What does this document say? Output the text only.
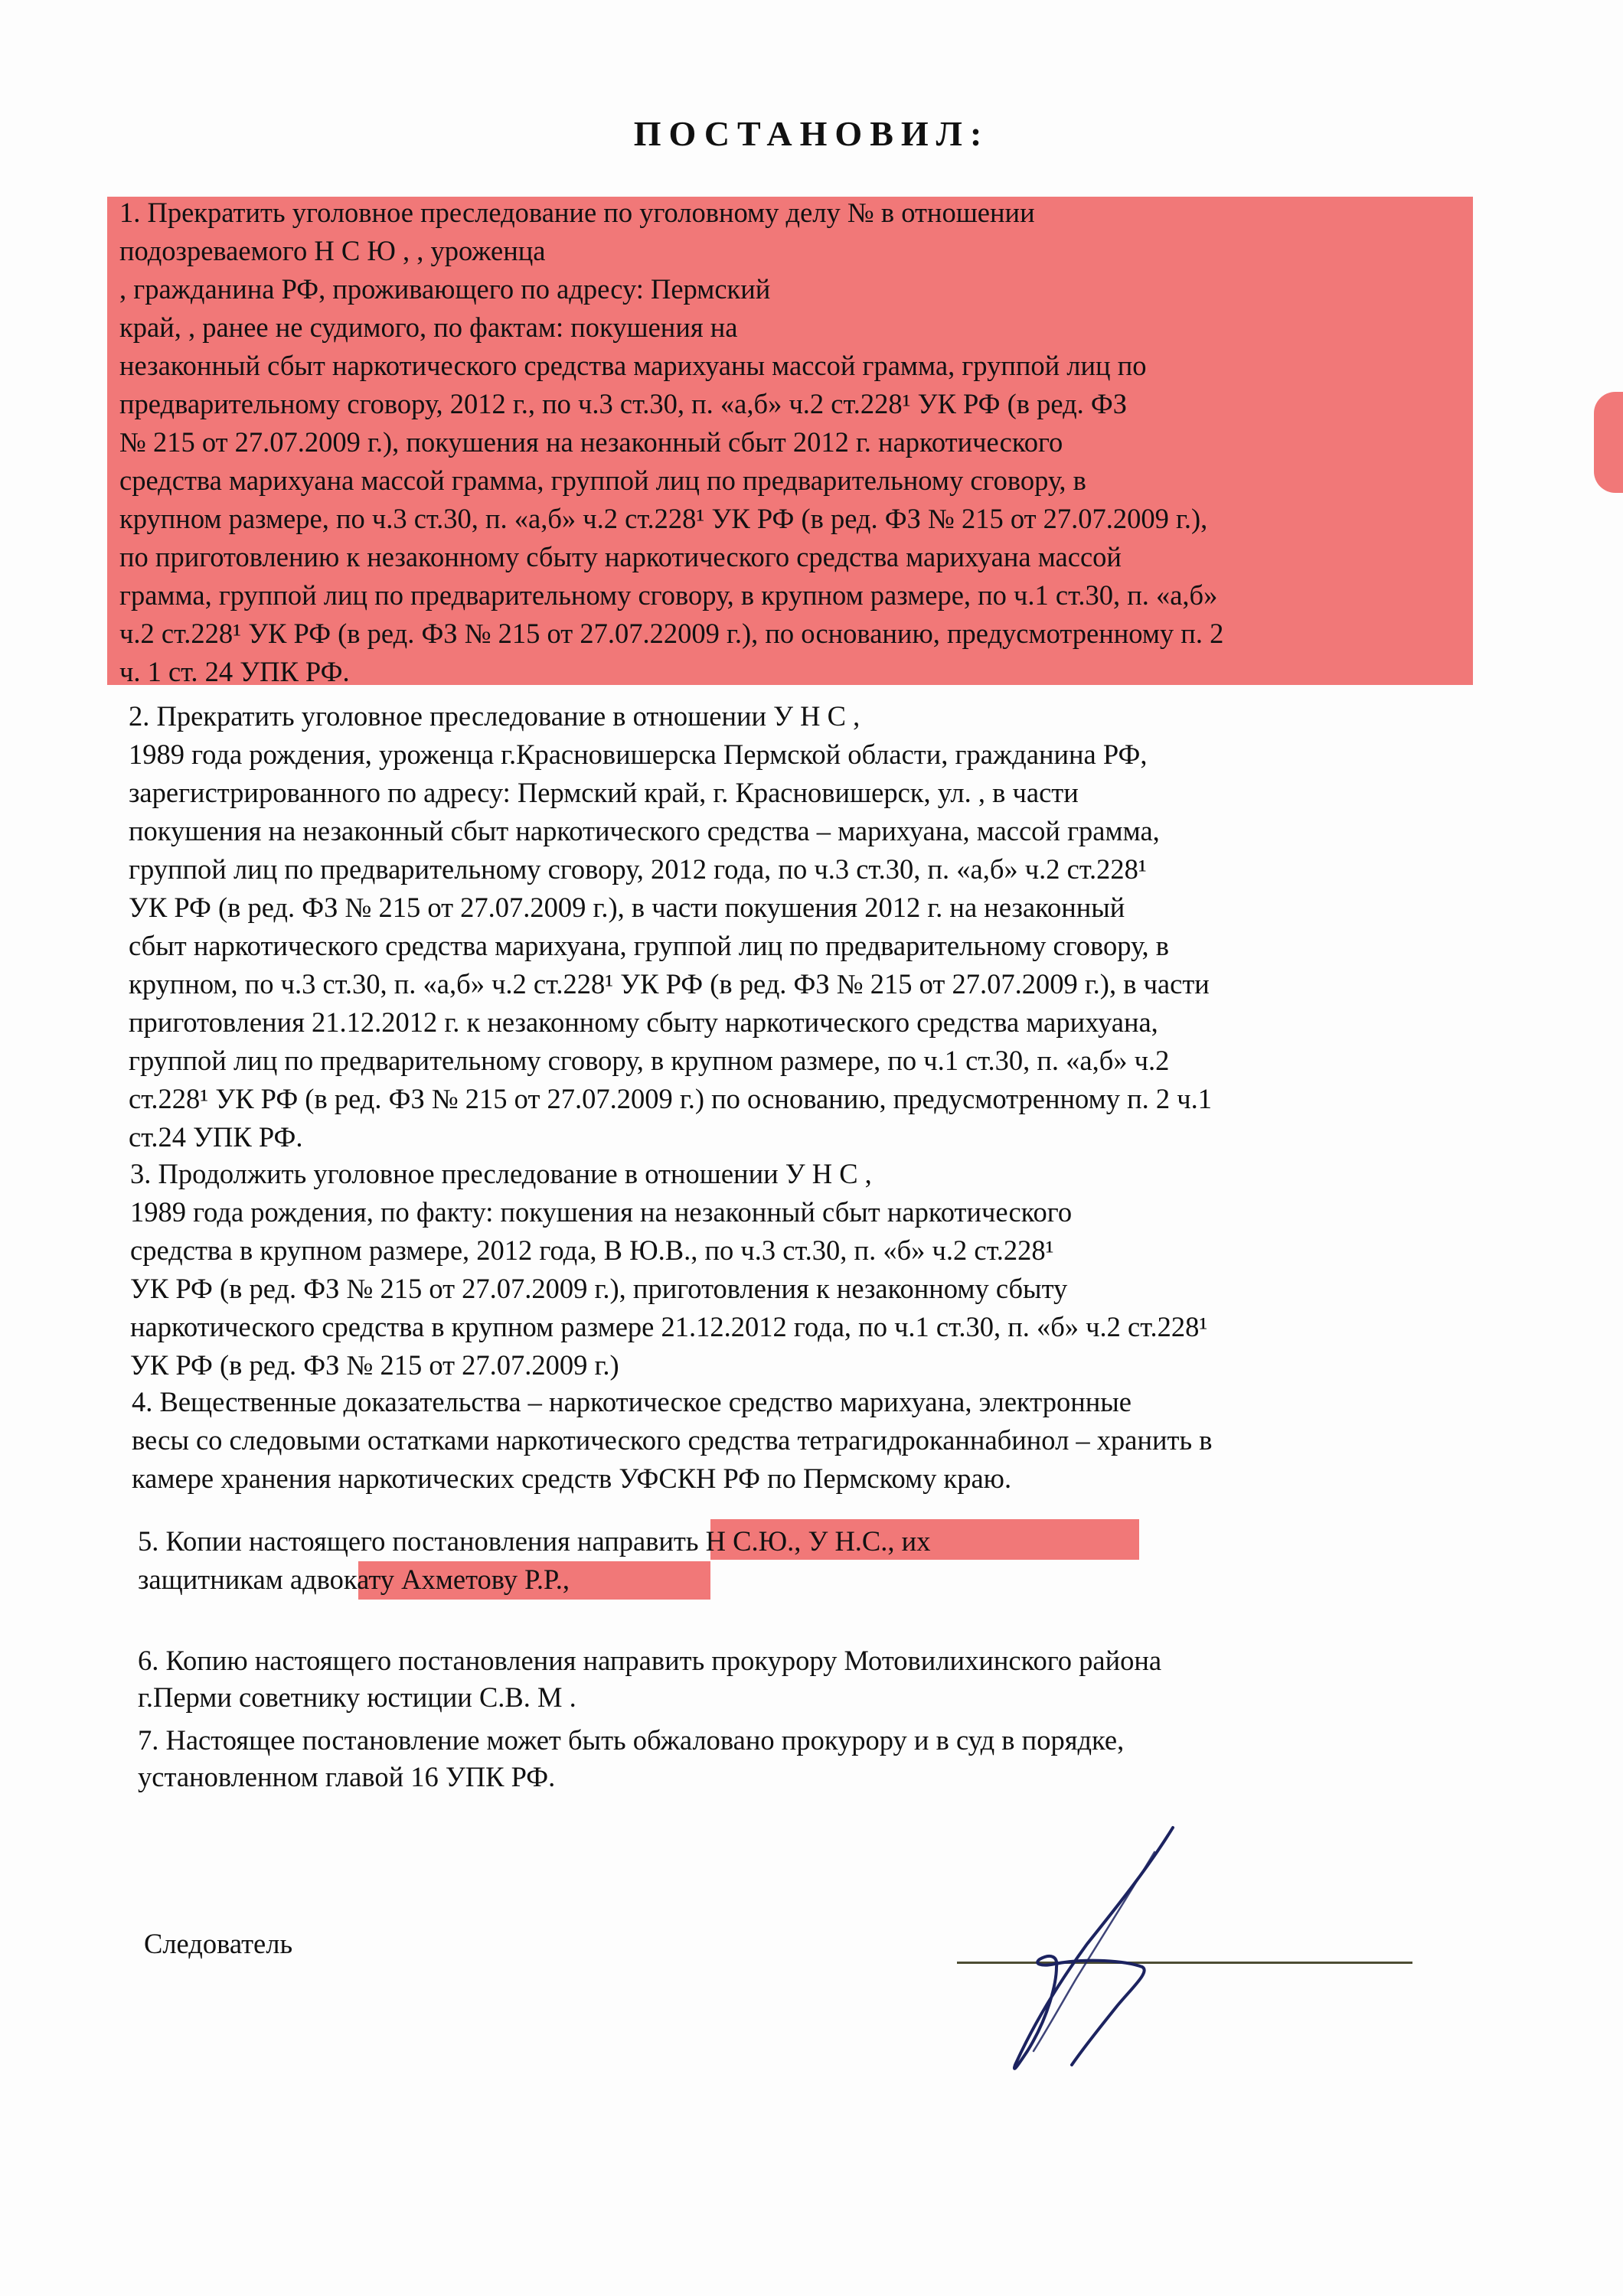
ПОСТАНОВИЛ:
1. Прекратить уголовное преследование по уголовному делу № в отношении
подозреваемого Н С Ю , , уроженца
, гражданина РФ, проживающего по адресу: Пермский
край, , ранее не судимого, по фактам: покушения на
незаконный сбыт наркотического средства марихуаны массой грамма, группой лиц по
предварительному сговору, 2012 г., по ч.3 ст.30, п. «а,б» ч.2 ст.228¹ УК РФ (в ред. ФЗ
№ 215 от 27.07.2009 г.), покушения на незаконный сбыт 2012 г. наркотического
средства марихуана массой грамма, группой лиц по предварительному сговору, в
крупном размере, по ч.3 ст.30, п. «а,б» ч.2 ст.228¹ УК РФ (в ред. ФЗ № 215 от 27.07.2009 г.),
по приготовлению к незаконному сбыту наркотического средства марихуана массой
грамма, группой лиц по предварительному сговору, в крупном размере, по ч.1 ст.30, п. «а,б»
ч.2 ст.228¹ УК РФ (в ред. ФЗ № 215 от 27.07.22009 г.), по основанию, предусмотренному п. 2
ч. 1 ст. 24 УПК РФ.
2. Прекратить уголовное преследование в отношении У Н С ,
1989 года рождения, уроженца г.Красновишерска Пермской области, гражданина РФ,
зарегистрированного по адресу: Пермский край, г. Красновишерск, ул. , в части
покушения на незаконный сбыт наркотического средства – марихуана, массой грамма,
группой лиц по предварительному сговору, 2012 года, по ч.3 ст.30, п. «а,б» ч.2 ст.228¹
УК РФ (в ред. ФЗ № 215 от 27.07.2009 г.), в части покушения 2012 г. на незаконный
сбыт наркотического средства марихуана, группой лиц по предварительному сговору, в
крупном, по ч.3 ст.30, п. «а,б» ч.2 ст.228¹ УК РФ (в ред. ФЗ № 215 от 27.07.2009 г.), в части
приготовления 21.12.2012 г. к незаконному сбыту наркотического средства марихуана,
группой лиц по предварительному сговору, в крупном размере, по ч.1 ст.30, п. «а,б» ч.2
ст.228¹ УК РФ (в ред. ФЗ № 215 от 27.07.2009 г.) по основанию, предусмотренному п. 2 ч.1
ст.24 УПК РФ.
3. Продолжить уголовное преследование в отношении У Н С ,
1989 года рождения, по факту: покушения на незаконный сбыт наркотического
средства в крупном размере, 2012 года, В Ю.В., по ч.3 ст.30, п. «б» ч.2 ст.228¹
УК РФ (в ред. ФЗ № 215 от 27.07.2009 г.), приготовления к незаконному сбыту
наркотического средства в крупном размере 21.12.2012 года, по ч.1 ст.30, п. «б» ч.2 ст.228¹
УК РФ (в ред. ФЗ № 215 от 27.07.2009 г.)
4. Вещественные доказательства – наркотическое средство марихуана, электронные
весы со следовыми остатками наркотического средства тетрагидроканнабинол – хранить в
камере хранения наркотических средств УФСКН РФ по Пермскому краю.
5. Копии настоящего постановления направить Н С.Ю., У Н.С., их
защитникам адвокату Ахметову Р.Р.,
6. Копию настоящего постановления направить прокурору Мотовилихинского района
г.Перми советнику юстиции С.В. М .
7. Настоящее постановление может быть обжаловано прокурору и в суд в порядке,
установленном главой 16 УПК РФ.
Следователь
